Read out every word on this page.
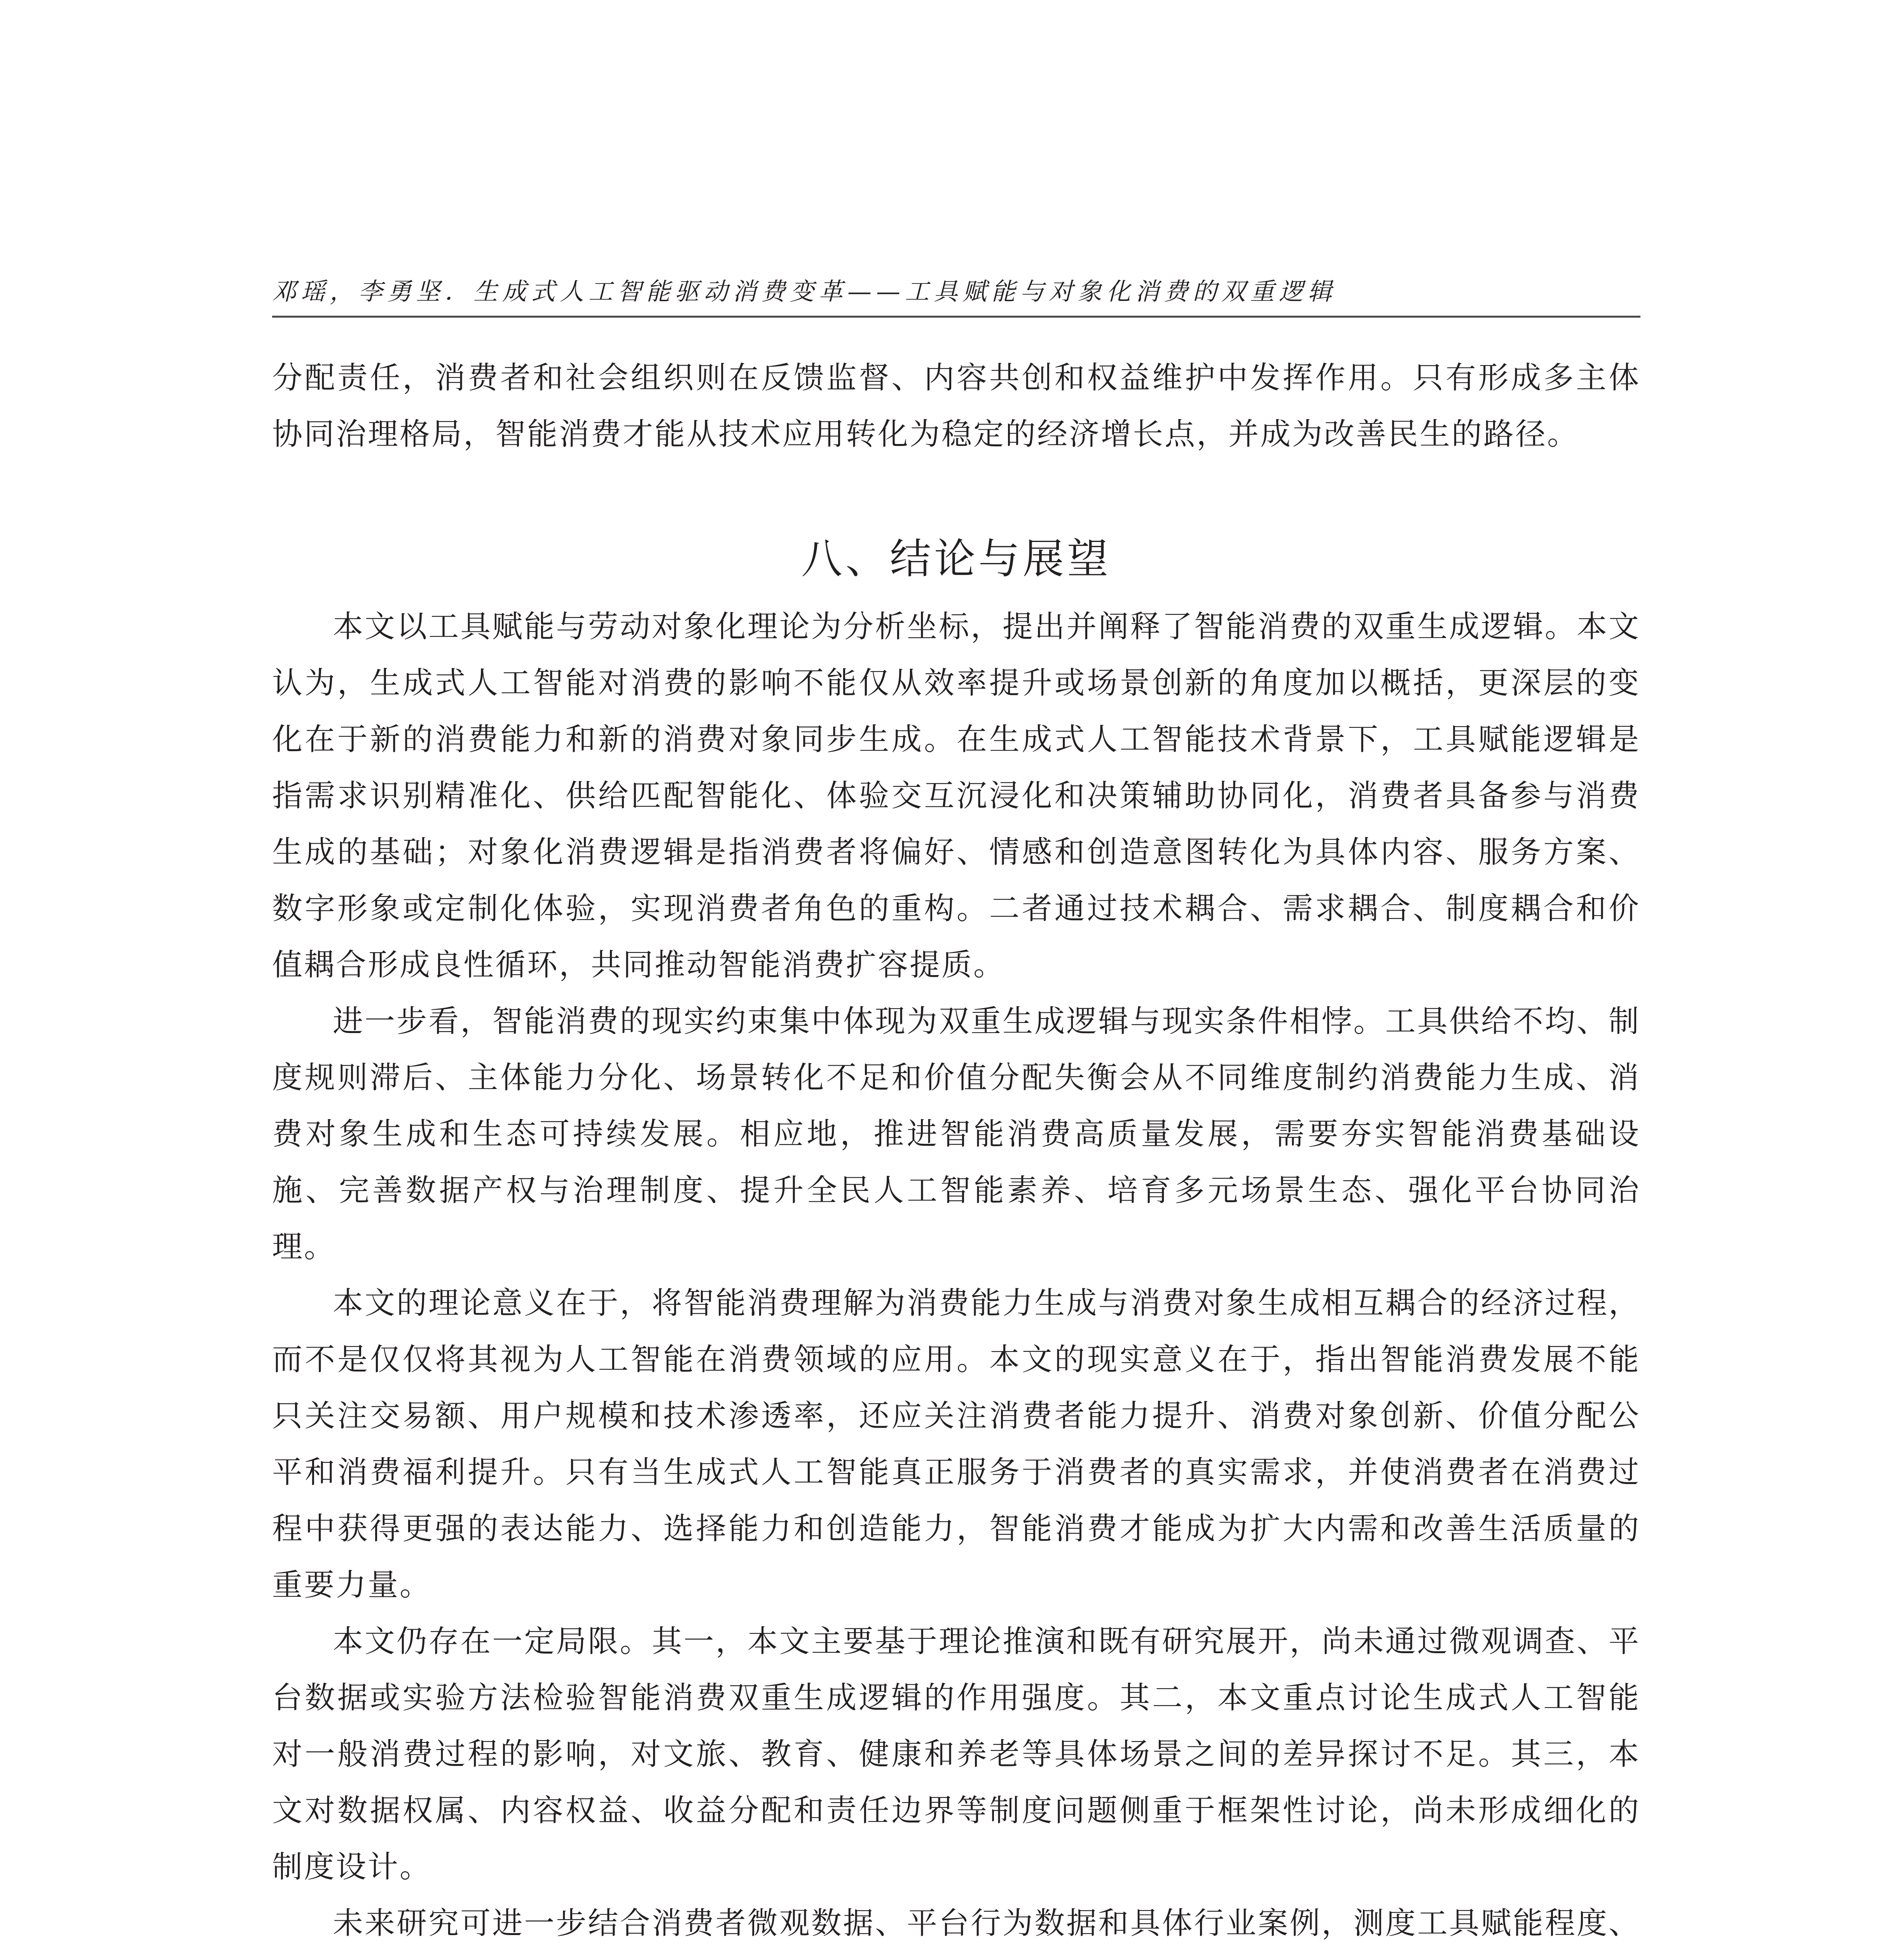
邓瑶，李勇坚．生成式人工智能驱动消费变革——工具赋能与对象化消费的双重逻辑

分配责任，消费者和社会组织则在反馈监督、内容共创和权益维护中发挥作用。只有形成多主体协同治理格局，智能消费才能从技术应用转化为稳定的经济增长点，并成为改善民生的路径。

八、结论与展望

本文以工具赋能与劳动对象化理论为分析坐标，提出并阐释了智能消费的双重生成逻辑。本文认为，生成式人工智能对消费的影响不能仅从效率提升或场景创新的角度加以概括，更深层的变化在于新的消费能力和新的消费对象同步生成。在生成式人工智能技术背景下，工具赋能逻辑是指需求识别精准化、供给匹配智能化、体验交互沉浸化和决策辅助协同化，消费者具备参与消费生成的基础；对象化消费逻辑是指消费者将偏好、情感和创造意图转化为具体内容、服务方案、数字形象或定制化体验，实现消费者角色的重构。二者通过技术耦合、需求耦合、制度耦合和价值耦合形成良性循环，共同推动智能消费扩容提质。

进一步看，智能消费的现实约束集中体现为双重生成逻辑与现实条件相悖。工具供给不均、制度规则滞后、主体能力分化、场景转化不足和价值分配失衡会从不同维度制约消费能力生成、消费对象生成和生态可持续发展。相应地，推进智能消费高质量发展，需要夯实智能消费基础设施、完善数据产权与治理制度、提升全民人工智能素养、培育多元场景生态、强化平台协同治理。

本文的理论意义在于，将智能消费理解为消费能力生成与消费对象生成相互耦合的经济过程，而不是仅仅将其视为人工智能在消费领域的应用。本文的现实意义在于，指出智能消费发展不能只关注交易额、用户规模和技术渗透率，还应关注消费者能力提升、消费对象创新、价值分配公平和消费福利提升。只有当生成式人工智能真正服务于消费者的真实需求，并使消费者在消费过程中获得更强的表达能力、选择能力和创造能力，智能消费才能成为扩大内需和改善生活质量的重要力量。

本文仍存在一定局限。其一，本文主要基于理论推演和既有研究展开，尚未通过微观调查、平台数据或实验方法检验智能消费双重生成逻辑的作用强度。其二，本文重点讨论生成式人工智能对一般消费过程的影响，对文旅、教育、健康和养老等具体场景之间的差异探讨不足。其三，本文对数据权属、内容权益、收益分配和责任边界等制度问题侧重于框架性讨论，尚未形成细化的制度设计。

未来研究可进一步结合消费者微观数据、平台行为数据和具体行业案例，测度工具赋能程度、
